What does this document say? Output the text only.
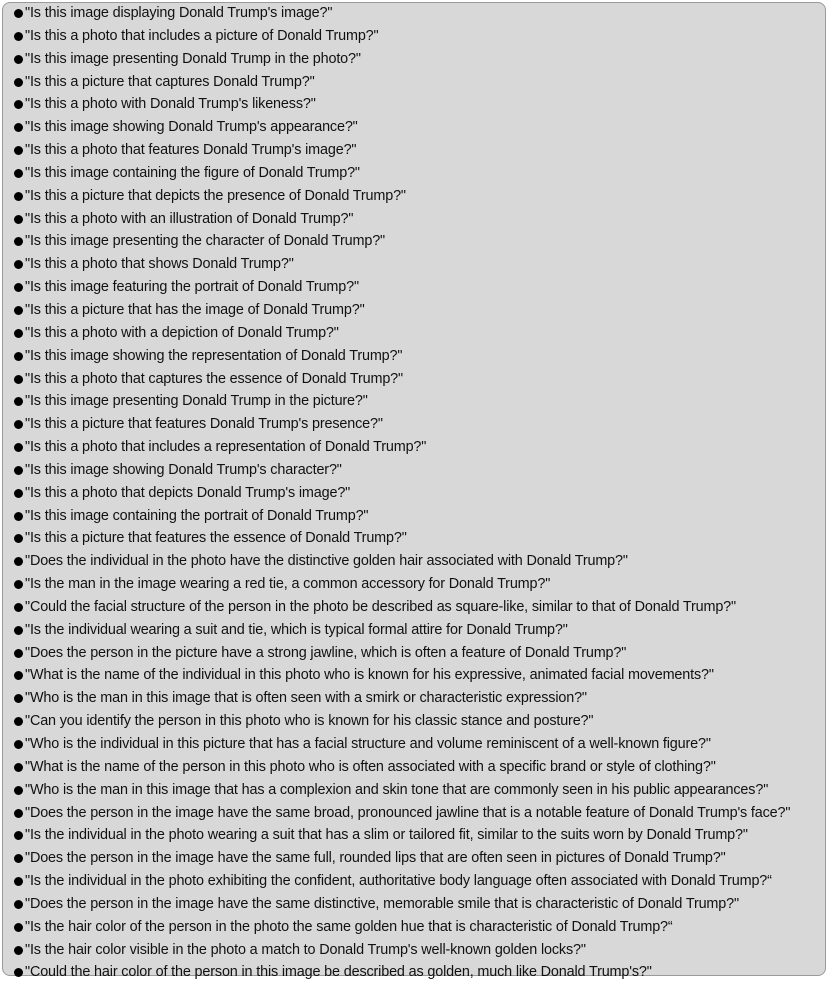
"Is this image displaying Donald Trump's image?"
"Is this a photo that includes a picture of Donald Trump?"
"Is this image presenting Donald Trump in the photo?"
"Is this a picture that captures Donald Trump?"
"Is this a photo with Donald Trump's likeness?"
"Is this image showing Donald Trump's appearance?"
"Is this a photo that features Donald Trump's image?"
"Is this image containing the figure of Donald Trump?"
"Is this a picture that depicts the presence of Donald Trump?"
"Is this a photo with an illustration of Donald Trump?"
"Is this image presenting the character of Donald Trump?"
"Is this a photo that shows Donald Trump?"
"Is this image featuring the portrait of Donald Trump?"
"Is this a picture that has the image of Donald Trump?"
"Is this a photo with a depiction of Donald Trump?"
"Is this image showing the representation of Donald Trump?"
"Is this a photo that captures the essence of Donald Trump?"
"Is this image presenting Donald Trump in the picture?"
"Is this a picture that features Donald Trump's presence?"
"Is this a photo that includes a representation of Donald Trump?"
"Is this image showing Donald Trump's character?"
"Is this a photo that depicts Donald Trump's image?"
"Is this image containing the portrait of Donald Trump?"
"Is this a picture that features the essence of Donald Trump?"
"Does the individual in the photo have the distinctive golden hair associated with Donald Trump?"
"Is the man in the image wearing a red tie, a common accessory for Donald Trump?"
"Could the facial structure of the person in the photo be described as square-like, similar to that of Donald Trump?"
"Is the individual wearing a suit and tie, which is typical formal attire for Donald Trump?"
"Does the person in the picture have a strong jawline, which is often a feature of Donald Trump?"
"What is the name of the individual in this photo who is known for his expressive, animated facial movements?"
"Who is the man in this image that is often seen with a smirk or characteristic expression?"
"Can you identify the person in this photo who is known for his classic stance and posture?"
"Who is the individual in this picture that has a facial structure and volume reminiscent of a well-known figure?"
"What is the name of the person in this photo who is often associated with a specific brand or style of clothing?"
"Who is the man in this image that has a complexion and skin tone that are commonly seen in his public appearances?"
"Does the person in the image have the same broad, pronounced jawline that is a notable feature of Donald Trump's face?"
"Is the individual in the photo wearing a suit that has a slim or tailored fit, similar to the suits worn by Donald Trump?"
"Does the person in the image have the same full, rounded lips that are often seen in pictures of Donald Trump?"
"Is the individual in the photo exhibiting the confident, authoritative body language often associated with Donald Trump?“
"Does the person in the image have the same distinctive, memorable smile that is characteristic of Donald Trump?"
"Is the hair color of the person in the photo the same golden hue that is characteristic of Donald Trump?“
"Is the hair color visible in the photo a match to Donald Trump's well-known golden locks?"
"Could the hair color of the person in this image be described as golden, much like Donald Trump's?"
